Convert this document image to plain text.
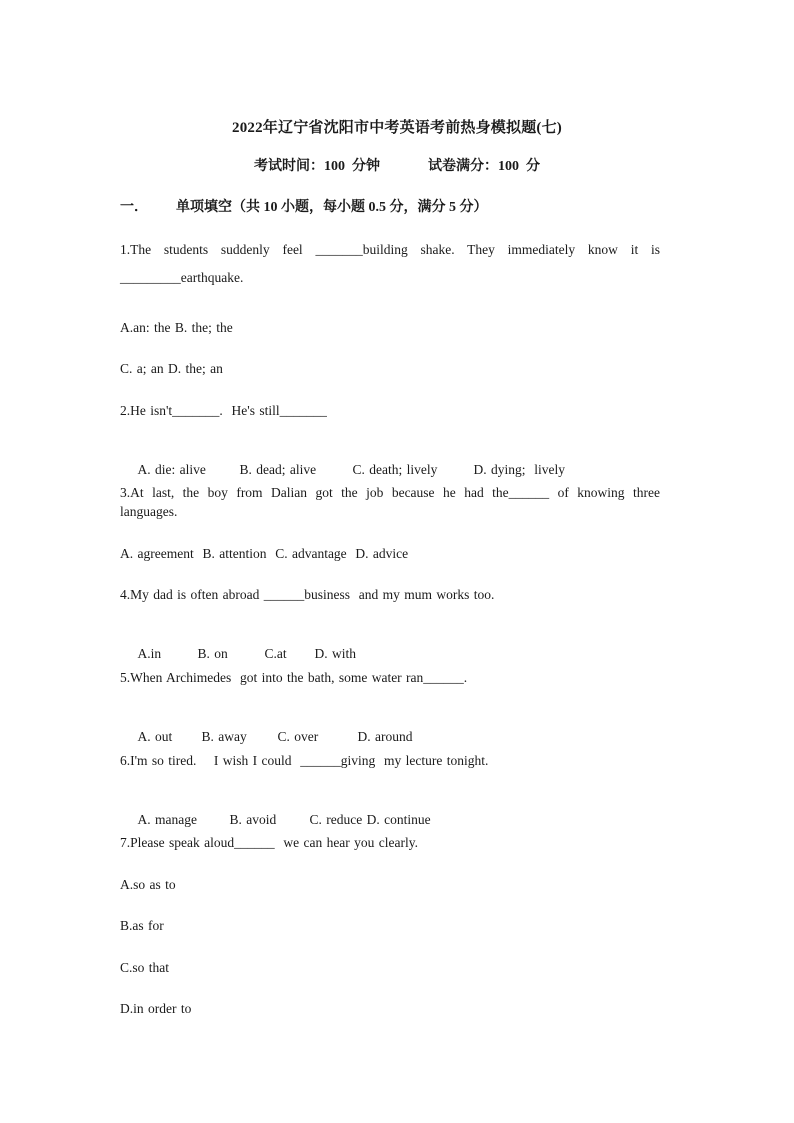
2022年辽宁省沈阳市中考英语考前热身模拟题(七)
考试时间：100  分钟	试卷满分：100  分
一． 单项填空（共 10 小题，每小题 0.5 分，满分 5 分）
1.The students suddenly feel _______building shake. They immediately know it is
_________earthquake.
A.an: the B. the; the
C. a; an D. the; an
2.He isn't_______.  He's still_______

A. die: alive B. dead; alive	C. death; lively	D. dying;  lively

3.At last, the boy from Dalian got the job because he had the______ of knowing three
languages.
A. agreement  B. attention  C. advantage  D. advice
4.My dad is often abroad ______business  and my mum works too.

A.in	B. on	C.at D. with

5.When Archimedes  got into the bath, some water ran______.

A. out B. away C. over	D. around

6.I'm so tired.    I wish I could  ______giving  my lecture tonight.

A. manage B. avoid C. reduce D. continue

7.Please speak aloud______  we can hear you clearly.
A.so as to
B.as for
C.so that
D.in order to
